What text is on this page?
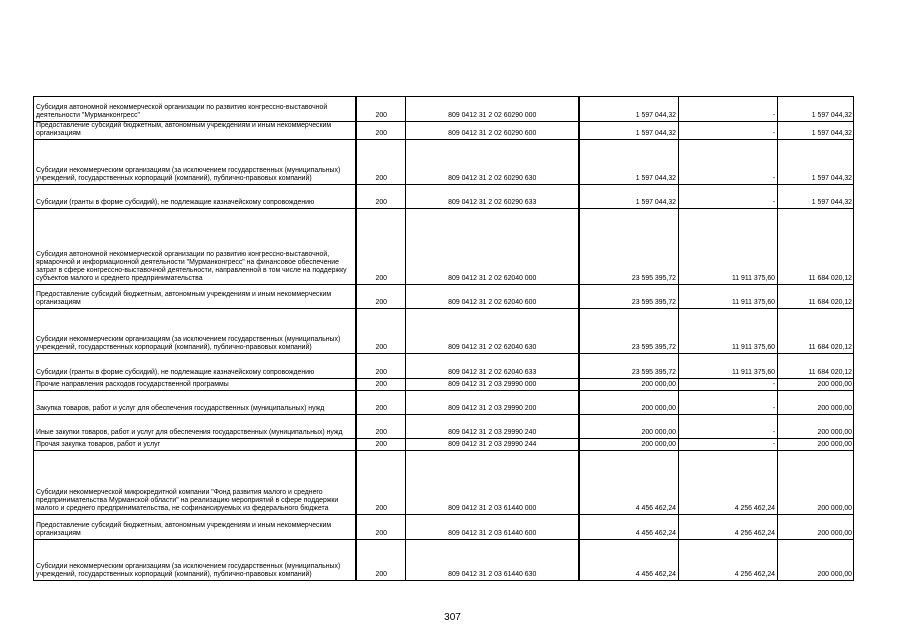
Субсидия автономной некоммерческой организации по развитию конгрессно-выставочной деятельности "Мурманконгресс"	200	809 0412 31 2 02 60290 000	1 597 044,32	-	1 597 044,32
Предоставление субсидий бюджетным, автономным учреждениям и иным некоммерческим организациям	200	809 0412 31 2 02 60290 600	1 597 044,32	-	1 597 044,32
Субсидии некоммерческим организациям (за исключением государственных (муниципальных) учреждений, государственных корпораций (компаний), публично-правовых компаний)	200	809 0412 31 2 02 60290 630	1 597 044,32	-	1 597 044,32
Субсидии (гранты в форме субсидий), не подлежащие казначейскому сопровождению	200	809 0412 31 2 02 60290 633	1 597 044,32	-	1 597 044,32
Субсидия автономной некоммерческой организации по развитию конгрессно-выставочной, ярмарочной и информационной деятельности "Мурманконгресс" на финансовое обеспечение затрат в сфере конгрессно-выставочной деятельности, направленной в том числе на поддержку субъектов малого и среднего предпринимательства	200	809 0412 31 2 02 62040 000	23 595 395,72	11 911 375,60	11 684 020,12
Предоставление субсидий бюджетным, автономным учреждениям и иным некоммерческим организациям	200	809 0412 31 2 02 62040 600	23 595 395,72	11 911 375,60	11 684 020,12
Субсидии некоммерческим организациям (за исключением государственных (муниципальных) учреждений, государственных корпораций (компаний), публично-правовых компаний)	200	809 0412 31 2 02 62040 630	23 595 395,72	11 911 375,60	11 684 020,12
Субсидии (гранты в форме субсидий), не подлежащие казначейскому сопровождению	200	809 0412 31 2 02 62040 633	23 595 395,72	11 911 375,60	11 684 020,12
Прочие направления расходов государственной программы	200	809 0412 31 2 03 29990 000	200 000,00	-	200 000,00
Закупка товаров, работ и услуг для обеспечения государственных (муниципальных) нужд	200	809 0412 31 2 03 29990 200	200 000,00	-	200 000,00
Иные закупки товаров, работ и услуг для обеспечения государственных (муниципальных) нужд	200	809 0412 31 2 03 29990 240	200 000,00	-	200 000,00
Прочая закупка товаров, работ и услуг	200	809 0412 31 2 03 29990 244	200 000,00	-	200 000,00
Субсидии некоммерческой микрокредитной компании "Фонд развития малого и среднего предпринимательства Мурманской области" на реализацию мероприятий в сфере поддержки малого и среднего предпринимательства, не софинансируемых из федерального бюджета	200	809 0412 31 2 03 61440 000	4 456 462,24	4 256 462,24	200 000,00
Предоставление субсидий бюджетным, автономным учреждениям и иным некоммерческим организациям	200	809 0412 31 2 03 61440 600	4 456 462,24	4 256 462,24	200 000,00
Субсидии некоммерческим организациям (за исключением государственных (муниципальных) учреждений, государственных корпораций (компаний), публично-правовых компаний)	200	809 0412 31 2 03 61440 630	4 456 462,24	4 256 462,24	200 000,00
307
